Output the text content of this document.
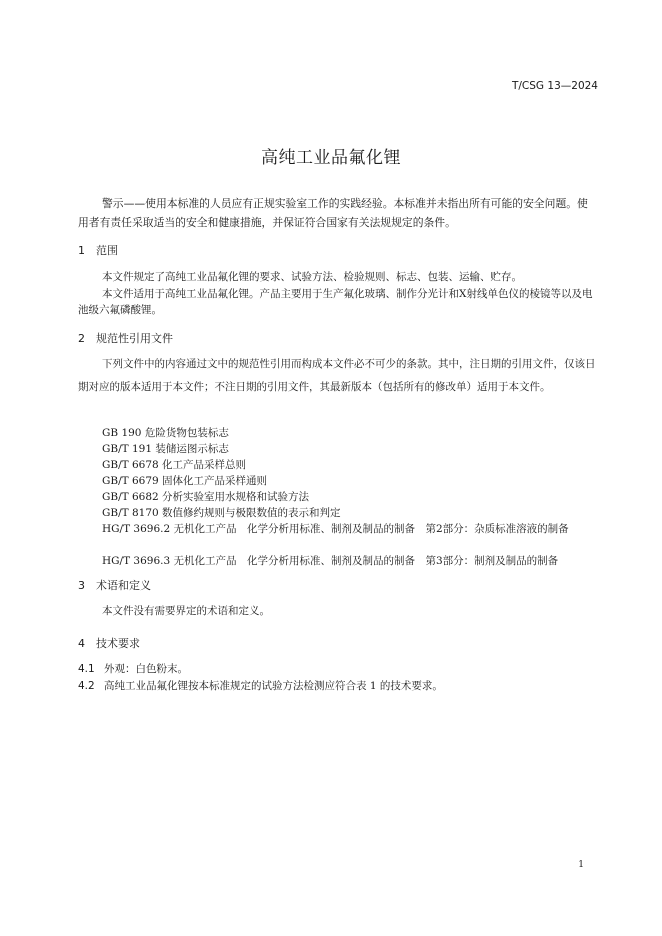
T/CSG 13—2024
高纯工业品氟化锂
警示——使用本标准的人员应有正规实验室工作的实践经验。本标准并未指出所有可能的安全问题。使用者有责任采取适当的安全和健康措施，并保证符合国家有关法规规定的条件。
1 范围
本文件规定了高纯工业品氟化锂的要求、试验方法、检验规则、标志、包装、运输、贮存。
本文件适用于高纯工业品氟化锂。产品主要用于生产氟化玻璃、制作分光计和X射线单色仪的棱镜等以及电池级六氟磷酸锂。
2 规范性引用文件
下列文件中的内容通过文中的规范性引用而构成本文件必不可少的条款。其中，注日期的引用文件，仅该日期对应的版本适用于本文件；不注日期的引用文件，其最新版本（包括所有的修改单）适用于本文件。
GB 190 危险货物包装标志
GB/T 191 装储运图示标志
GB/T 6678 化工产品采样总则
GB/T 6679 固体化工产品采样通则
GB/T 6682 分析实验室用水规格和试验方法
GB/T 8170 数值修约规则与极限数值的表示和判定
HG/T 3696.2 无机化工产品　化学分析用标准、制剂及制品的制备　第2部分：杂质标准溶液的制备
HG/T 3696.3 无机化工产品　化学分析用标准、制剂及制品的制备　第3部分：制剂及制品的制备
3 术语和定义
本文件没有需要界定的术语和定义。
4 技术要求
4.1 外观：白色粉末。
4.2 高纯工业品氟化锂按本标准规定的试验方法检测应符合表 1 的技术要求。
1
